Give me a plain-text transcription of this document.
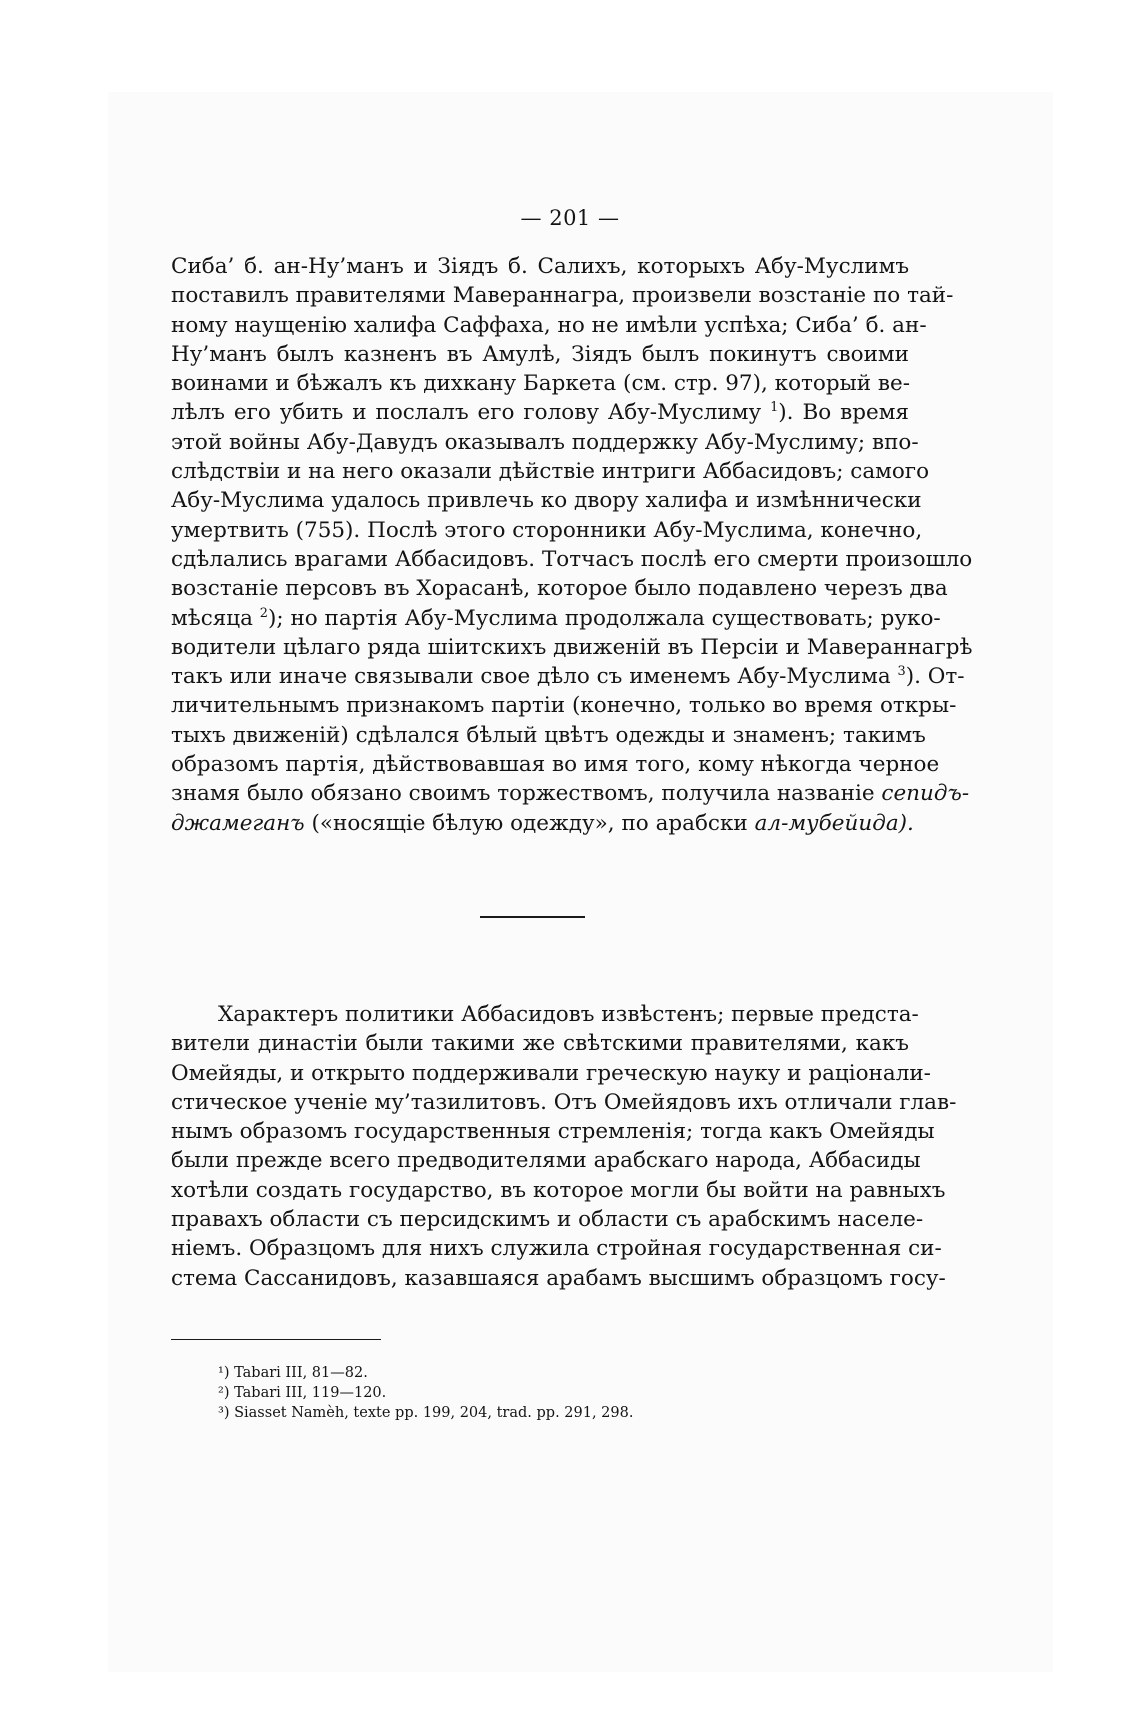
— 201 —
Сиба’ б. ан-Ну’манъ и Зіядъ б. Салихъ, которыхъ Абу-Муслимъ
поставилъ правителями Мавераннагра, произвели возстаніе по тай-
ному наущенію халифа Саффаха, но не имѣли успѣха; Сиба’ б. ан-
Ну’манъ былъ казненъ въ Амулѣ, Зіядъ былъ покинутъ своими
воинами и бѣжалъ къ дихкану Баркета (см. стр. 97), который ве-
лѣлъ его убить и послалъ его голову Абу-Муслиму $^1$). Во время
этой войны Абу-Давудъ оказывалъ поддержку Абу-Муслиму; впо-
слѣдствіи и на него оказали дѣйствіе интриги Аббасидовъ; самого
Абу-Муслима удалось привлечь ко двору халифа и измѣннически
умертвить (755). Послѣ этого сторонники Абу-Муслима, конечно,
сдѣлались врагами Аббасидовъ. Тотчасъ послѣ его смерти произошло
возстаніе персовъ въ Хорасанѣ, которое было подавлено черезъ два
мѣсяца $^2$); но партія Абу-Муслима продолжала существовать; руко-
водители цѣлаго ряда шіитскихъ движеній въ Персіи и Мавераннагрѣ
такъ или иначе связывали свое дѣло съ именемъ Абу-Муслима $^3$). От-
личительнымъ признакомъ партіи (конечно, только во время откры-
тыхъ движеній) сдѣлался бѣлый цвѣтъ одежды и знаменъ; такимъ
образомъ партія, дѣйствовавшая во имя того, кому нѣкогда черное
знамя было обязано своимъ торжествомъ, получила названіе сепидъ-
джамеганъ («носящіе бѣлую одежду», по арабски ал-мубейида).
Характеръ политики Аббасидовъ извѣстенъ; первые предста-
вители династіи были такими же свѣтскими правителями, какъ
Омейяды, и открыто поддерживали греческую науку и раціонали-
стическое ученіе му’тазилитовъ. Отъ Омейядовъ ихъ отличали глав-
нымъ образомъ государственныя стремленія; тогда какъ Омейяды
были прежде всего предводителями арабскаго народа, Аббасиды
хотѣли создать государство, въ которое могли бы войти на равныхъ
правахъ области съ персидскимъ и области съ арабскимъ населе-
ніемъ. Образцомъ для нихъ служила стройная государственная си-
стема Сассанидовъ, казавшаяся арабамъ высшимъ образцомъ госу-
¹) Tabari III, 81—82.
²) Tabari III, 119—120.
³) Siasset Namèh, texte pp. 199, 204, trad. pp. 291, 298.
